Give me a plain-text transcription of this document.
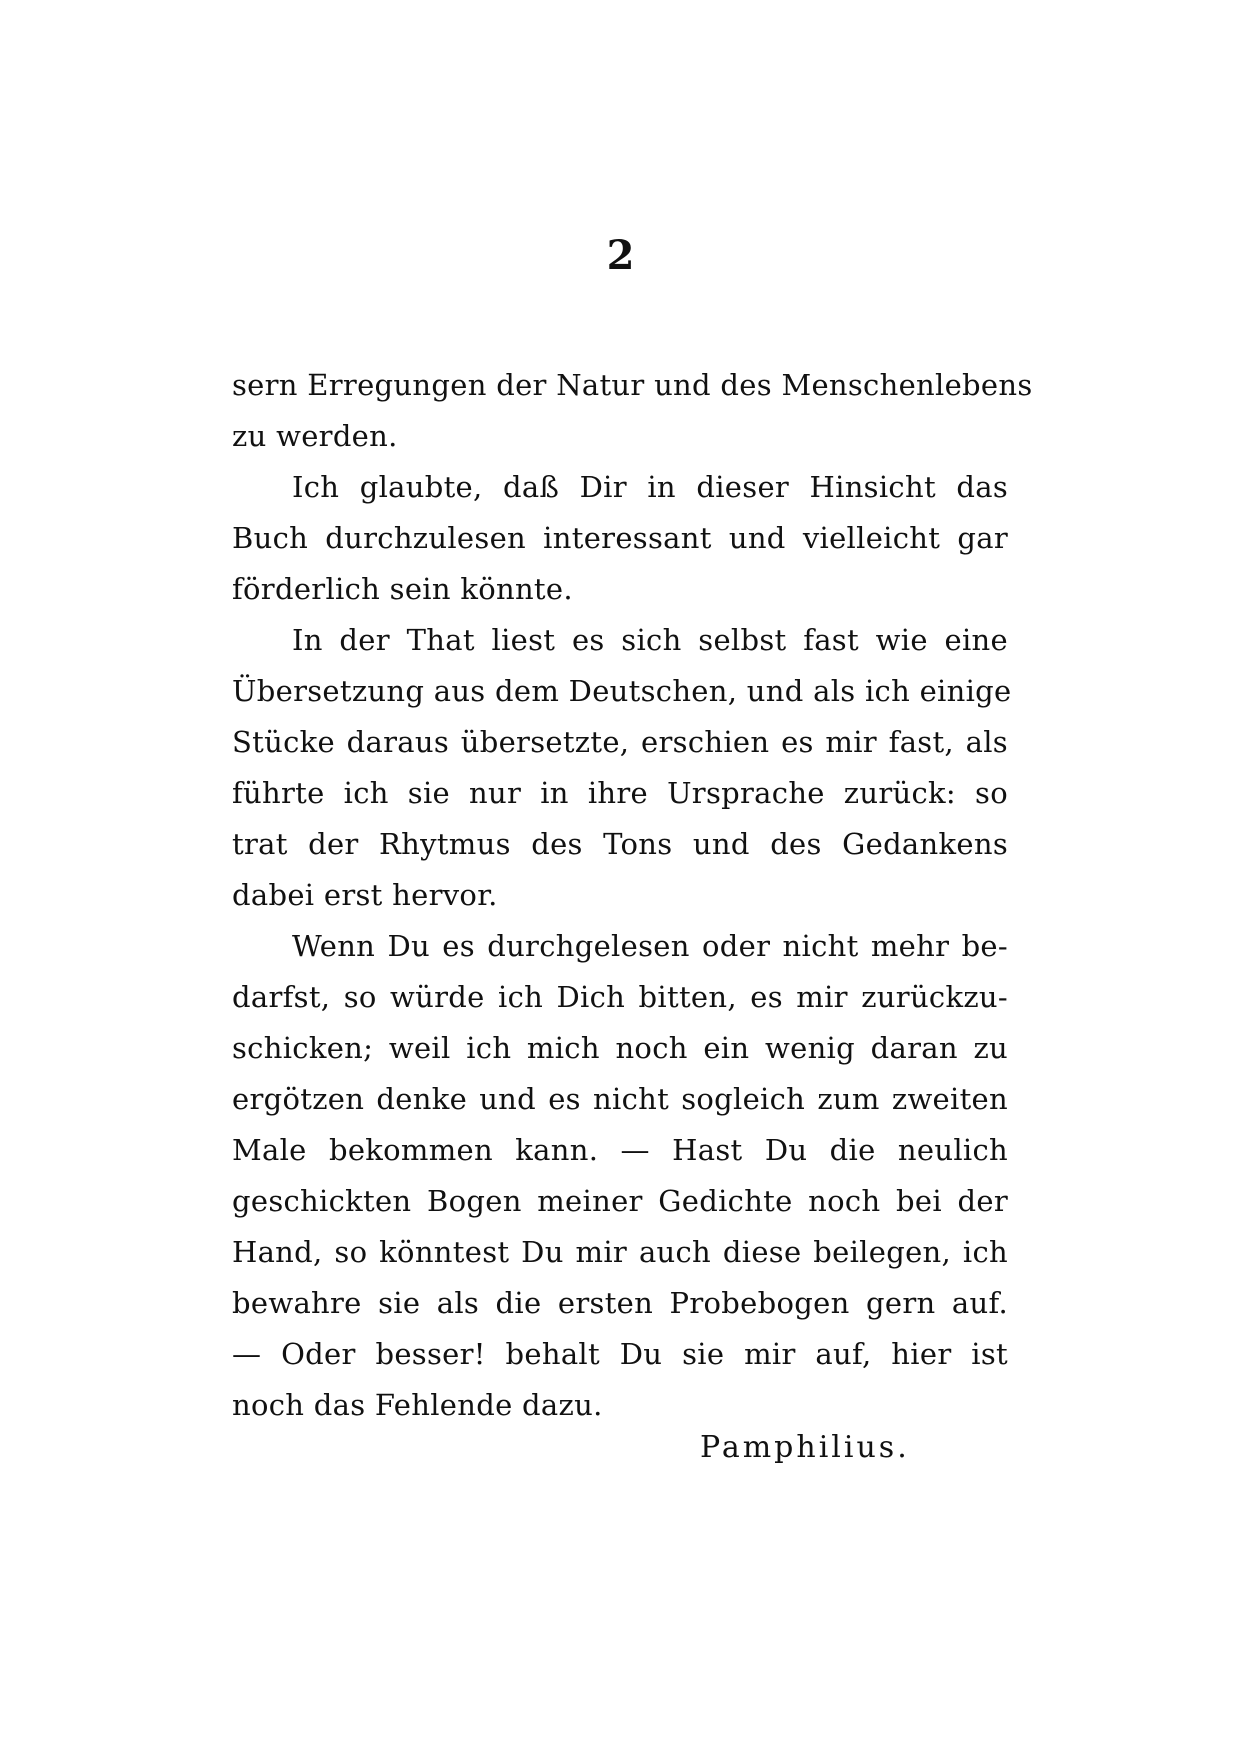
2
sern Erregungen der Natur und des Menschenlebens
zu werden.
Ich glaubte, daß Dir in dieser Hinsicht das
Buch durchzulesen interessant und vielleicht gar
förderlich sein könnte.
In der That liest es sich selbst fast wie eine
Übersetzung aus dem Deutschen, und als ich einige
Stücke daraus übersetzte, erschien es mir fast, als
führte ich sie nur in ihre Ursprache zurück: so
trat der Rhytmus des Tons und des Gedankens
dabei erst hervor.
Wenn Du es durchgelesen oder nicht mehr be-
darfst, so würde ich Dich bitten, es mir zurückzu-
schicken; weil ich mich noch ein wenig daran zu
ergötzen denke und es nicht sogleich zum zweiten
Male bekommen kann. — Hast Du die neulich
geschickten Bogen meiner Gedichte noch bei der
Hand, so könntest Du mir auch diese beilegen, ich
bewahre sie als die ersten Probebogen gern auf.
— Oder besser! behalt Du sie mir auf, hier ist
noch das Fehlende dazu.
Pamphilius.
